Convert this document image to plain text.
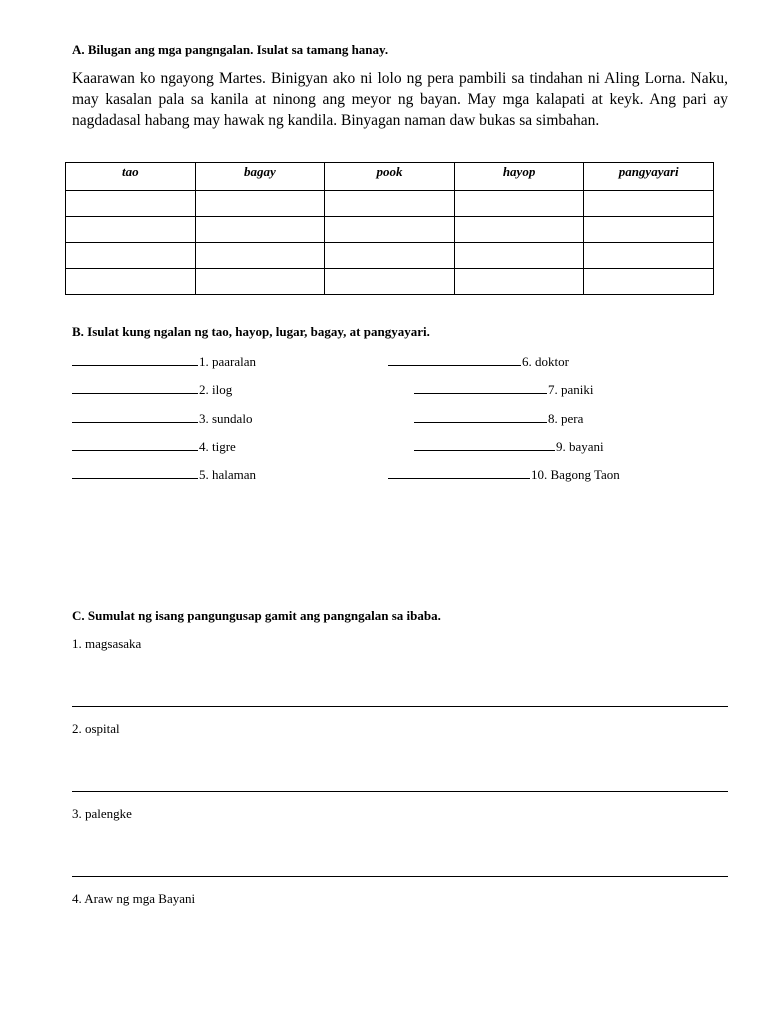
A. Bilugan ang mga pangngalan. Isulat sa tamang hanay.
Kaarawan ko ngayong Martes. Binigyan ako ni lolo ng pera pambili sa tindahan ni Aling Lorna. Naku, may kasalan pala sa kanila at ninong ang meyor ng bayan. May mga kalapati at keyk. Ang pari ay nagdadasal habang may hawak ng kandila. Binyagan naman daw bukas sa simbahan.
tao	bagay	pook	hayop	pangyayari

B. Isulat kung ngalan ng tao, hayop, lugar, bagay, at pangyayari.
1. paaralan
2. ilog
3. sundalo
4. tigre
5. halaman
6. doktor
7. paniki
8. pera
9. bayani
10. Bagong Taon
C. Sumulat ng isang pangungusap gamit ang pangngalan sa ibaba.
1. magsasaka
2. ospital
3. palengke
4. Araw ng mga Bayani
